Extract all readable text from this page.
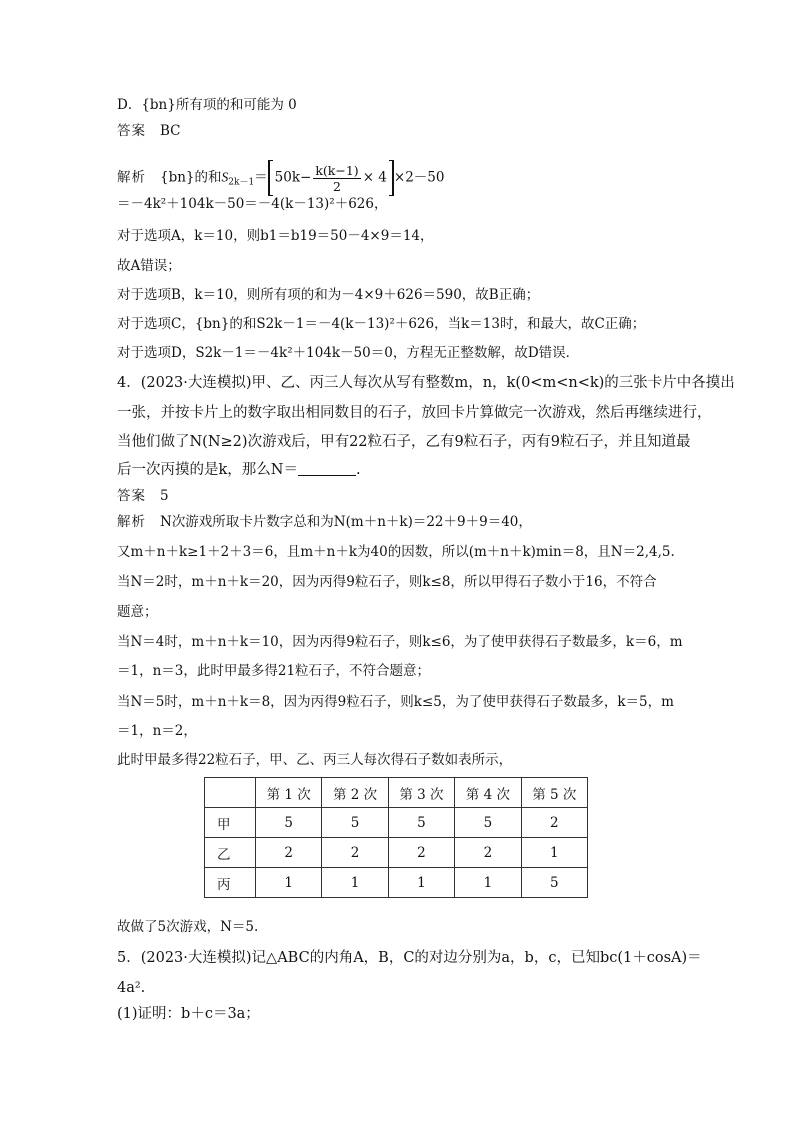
D．{bn}所有项的和可能为 0
答案 BC
解析 {bn}的和$S_{2k-1}= 50k- \frac{k(k-1)}{2} \times 4 \times 2-50$
＝－4k²＋104k－50＝－4(k－13)²＋626，
对于选项A，k＝10，则b1＝b19＝50－4×9＝14，
故A错误；
对于选项B，k＝10，则所有项的和为－4×9＋626＝590，故B正确；
对于选项C，{bn}的和S2k－1＝－4(k－13)²＋626，当k＝13时，和最大，故C正确；
对于选项D，S2k－1＝－4k²＋104k－50＝0，方程无正整数解，故D错误．
4．(2023·大连模拟)甲、乙、丙三人每次从写有整数m，n，k(0<m<n<k)的三张卡片中各摸出
一张，并按卡片上的数字取出相同数目的石子，放回卡片算做完一次游戏，然后再继续进行，
当他们做了N(N≥2)次游戏后，甲有22粒石子，乙有9粒石子，丙有9粒石子，并且知道最
后一次丙摸的是k，那么N＝	.
答案 5
解析 N次游戏所取卡片数字总和为N(m＋n＋k)＝22＋9＋9＝40，
又m＋n＋k≥1＋2＋3＝6，且m＋n＋k为40的因数，所以(m＋n＋k)min＝8，且N＝2,4,5.
当N＝2时，m＋n＋k＝20，因为丙得9粒石子，则k≤8，所以甲得石子数小于16，不符合
题意；
当N＝4时，m＋n＋k＝10，因为丙得9粒石子，则k≤6，为了使甲获得石子数最多，k＝6，m
＝1，n＝3，此时甲最多得21粒石子，不符合题意；
当N＝5时，m＋n＋k＝8，因为丙得9粒石子，则k≤5，为了使甲获得石子数最多，k＝5，m
＝1，n＝2，
此时甲最多得22粒石子，甲、乙、丙三人每次得石子数如表所示，
	第 1 次	第 2 次	第 3 次	第 4 次	第 5 次
甲	5	5	5	5	2
乙	2	2	2	2	1
丙	1	1	1	1	5
故做了5次游戏，N＝5.
5．(2023·大连模拟)记△ABC的内角A，B，C的对边分别为a，b，c，已知bc(1＋cosA)＝
4a².
(1)证明：b＋c＝3a；
